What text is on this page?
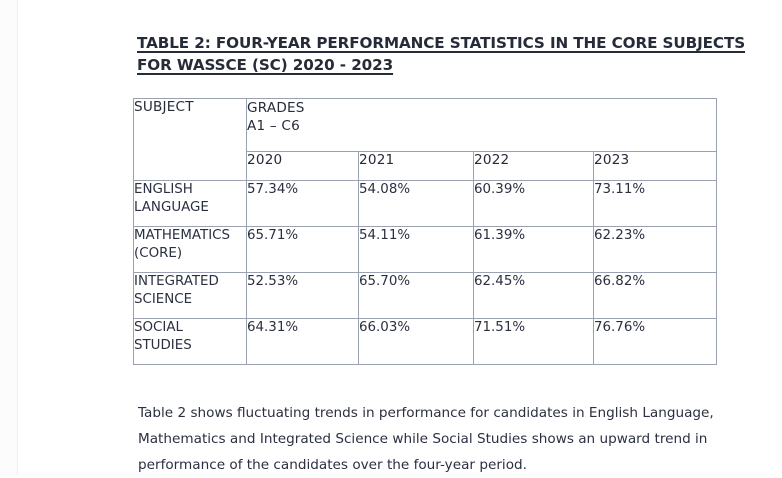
TABLE 2: FOUR-YEAR PERFORMANCE STATISTICS IN THE CORE SUBJECTS
FOR WASSCE (SC) 2020 - 2023
SUBJECT	GRADES
A1 – C6			

	2020	2021	2022	2023

ENGLISH
LANGUAGE	57.34%	54.08%	60.39%	73.11%

MATHEMATICS
(CORE)	65.71%	54.11%	61.39%	62.23%

INTEGRATED
SCIENCE	52.53%	65.70%	62.45%	66.82%

SOCIAL
STUDIES	64.31%	66.03%	71.51%	76.76%

Table 2 shows fluctuating trends in performance for candidates in English Language, Mathematics and Integrated Science while Social Studies shows an upward trend in performance of the candidates over the four-year period.
